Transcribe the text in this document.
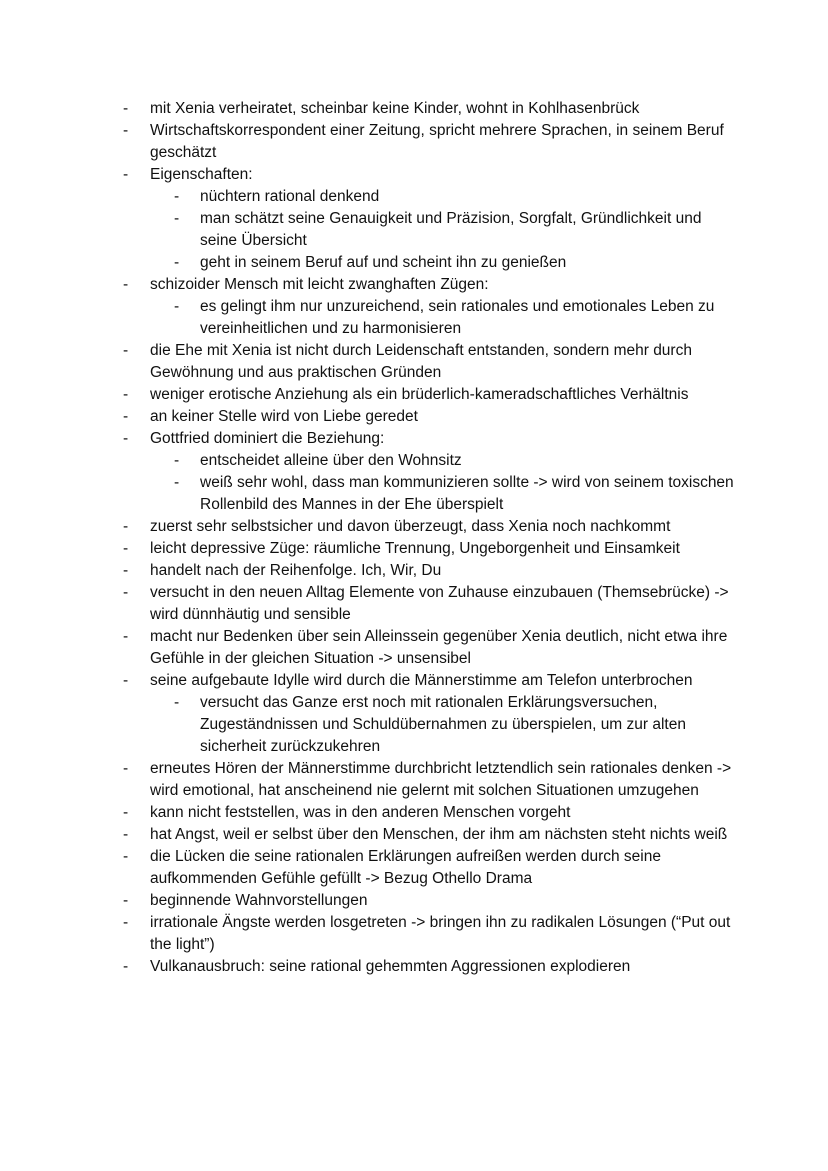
- mit Xenia verheiratet, scheinbar keine Kinder, wohnt in Kohlhasenbrück
- Wirtschaftskorrespondent einer Zeitung, spricht mehrere Sprachen, in seinem Beruf geschätzt
- Eigenschaften:
- nüchtern rational denkend
- man schätzt seine Genauigkeit und Präzision, Sorgfalt, Gründlichkeit und seine Übersicht
- geht in seinem Beruf auf und scheint ihn zu genießen
- schizoider Mensch mit leicht zwanghaften Zügen:
- es gelingt ihm nur unzureichend, sein rationales und emotionales Leben zu vereinheitlichen und zu harmonisieren
- die Ehe mit Xenia ist nicht durch Leidenschaft entstanden, sondern mehr durch Gewöhnung und aus praktischen Gründen
- weniger erotische Anziehung als ein brüderlich-kameradschaftliches Verhältnis
- an keiner Stelle wird von Liebe geredet
- Gottfried dominiert die Beziehung:
- entscheidet alleine über den Wohnsitz
- weiß sehr wohl, dass man kommunizieren sollte -> wird von seinem toxischen Rollenbild des Mannes in der Ehe überspielt
- zuerst sehr selbstsicher und davon überzeugt, dass Xenia noch nachkommt
- leicht depressive Züge: räumliche Trennung, Ungeborgenheit und Einsamkeit
- handelt nach der Reihenfolge. Ich, Wir, Du
- versucht in den neuen Alltag Elemente von Zuhause einzubauen (Themsebrücke) -> wird dünnhäutig und sensible
- macht nur Bedenken über sein Alleinssein gegenüber Xenia deutlich, nicht etwa ihre Gefühle in der gleichen Situation -> unsensibel
- seine aufgebaute Idylle wird durch die Männerstimme am Telefon unterbrochen
- versucht das Ganze erst noch mit rationalen Erklärungsversuchen, Zugeständnissen und Schuldübernahmen zu überspielen, um zur alten sicherheit zurückzukehren
- erneutes Hören der Männerstimme durchbricht letztendlich sein rationales denken -> wird emotional, hat anscheinend nie gelernt mit solchen Situationen umzugehen
- kann nicht feststellen, was in den anderen Menschen vorgeht
- hat Angst, weil er selbst über den Menschen, der ihm am nächsten steht nichts weiß
- die Lücken die seine rationalen Erklärungen aufreißen werden durch seine aufkommenden Gefühle gefüllt -> Bezug Othello Drama
- beginnende Wahnvorstellungen
- irrationale Ängste werden losgetreten -> bringen ihn zu radikalen Lösungen (“Put out the light”)
- Vulkanausbruch: seine rational gehemmten Aggressionen explodieren
